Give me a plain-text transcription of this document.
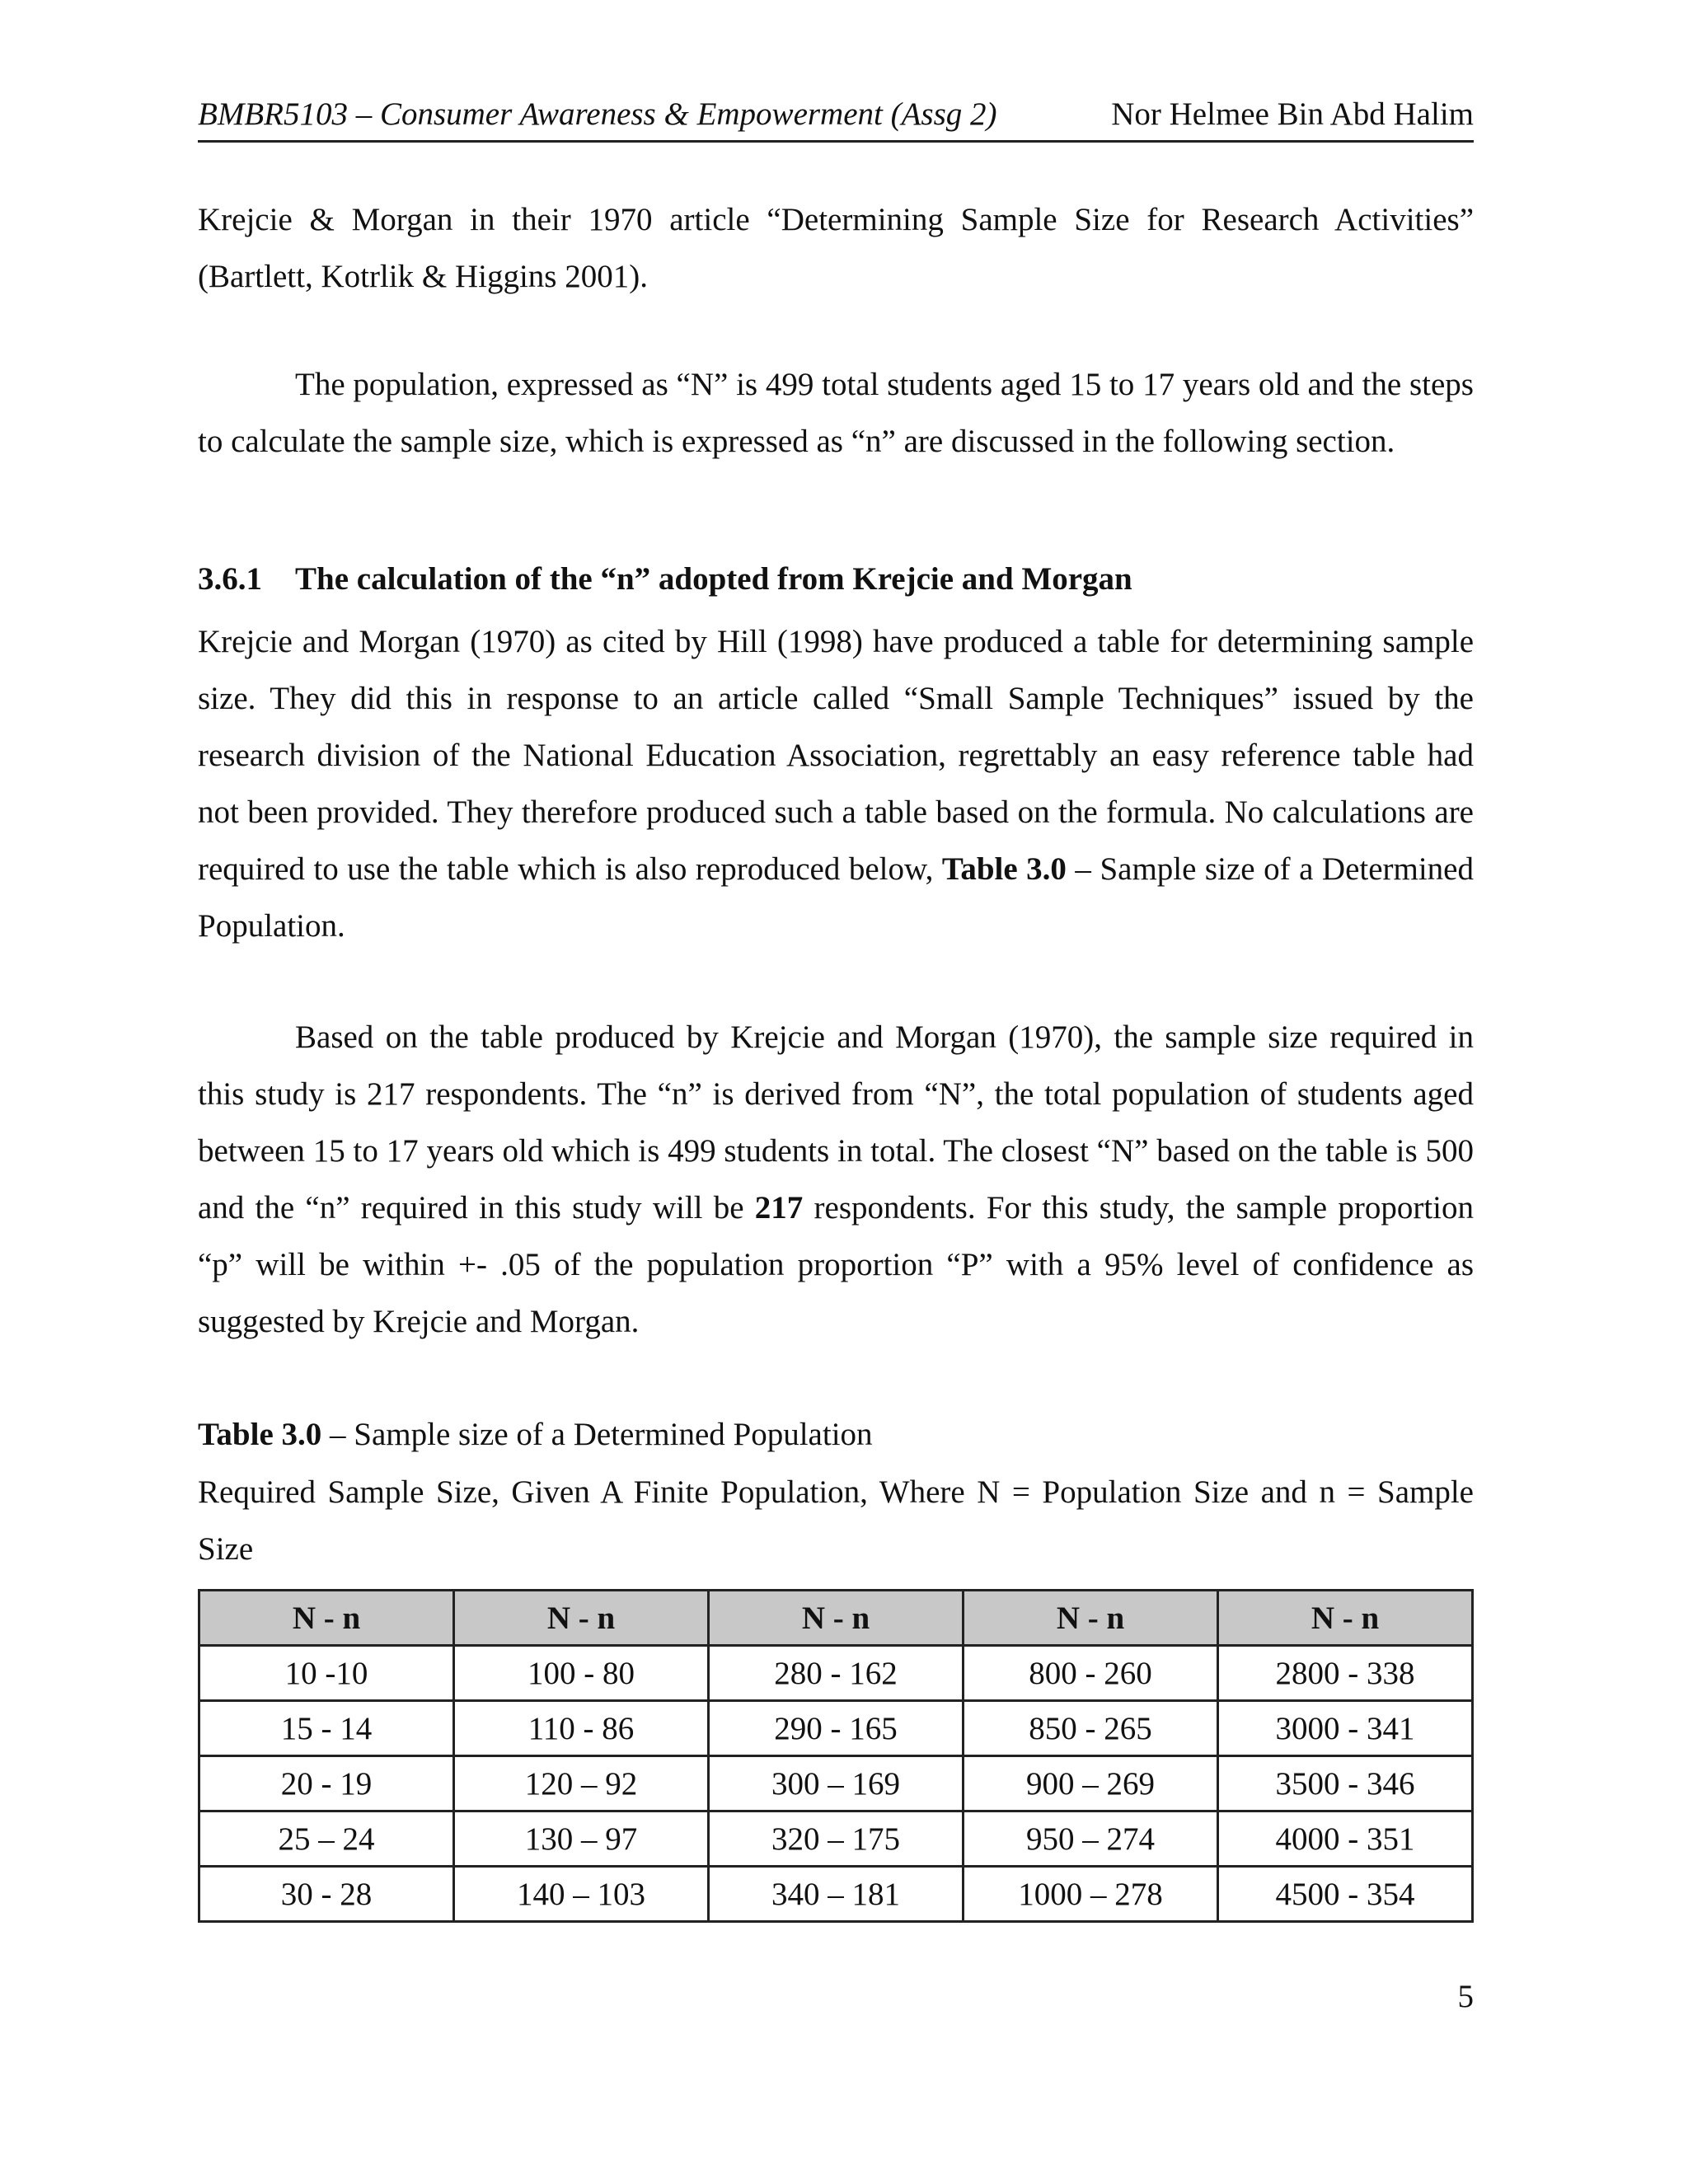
BMBR5103 – Consumer Awareness & Empowerment (Assg 2)	Nor Helmee Bin Abd Halim

Krejcie & Morgan in their 1970 article “Determining Sample Size for Research Activities” (Bartlett, Kotrlik & Higgins 2001).

The population, expressed as “N” is 499 total students aged 15 to 17 years old and the steps to calculate the sample size, which is expressed as “n” are discussed in the following section.

3.6.1 The calculation of the “n” adopted from Krejcie and Morgan

Krejcie and Morgan (1970) as cited by Hill (1998) have produced a table for determining sample size. They did this in response to an article called “Small Sample Techniques” issued by the research division of the National Education Association, regrettably an easy reference table had not been provided. They therefore produced such a table based on the formula. No calculations are required to use the table which is also reproduced below, Table 3.0 – Sample size of a Determined Population.

Based on the table produced by Krejcie and Morgan (1970), the sample size required in this study is 217 respondents. The “n” is derived from “N”, the total population of students aged between 15 to 17 years old which is 499 students in total. The closest “N” based on the table is 500 and the “n” required in this study will be 217 respondents. For this study, the sample proportion “p” will be within +- .05 of the population proportion “P” with a 95% level of confidence as suggested by Krejcie and Morgan.

Table 3.0 – Sample size of a Determined Population

Required Sample Size, Given A Finite Population, Where N = Population Size and n = Sample Size

N - n	N - n	N - n	N - n	N - n
10 -10	100 - 80	280 - 162	800 - 260	2800 - 338
15 - 14	110 - 86	290 - 165	850 - 265	3000 - 341
20 - 19	120 – 92	300 – 169	900 – 269	3500 - 346
25 – 24	130 – 97	320 – 175	950 – 274	4000 - 351
30 - 28	140 – 103	340 – 181	1000 – 278	4500 - 354
5
